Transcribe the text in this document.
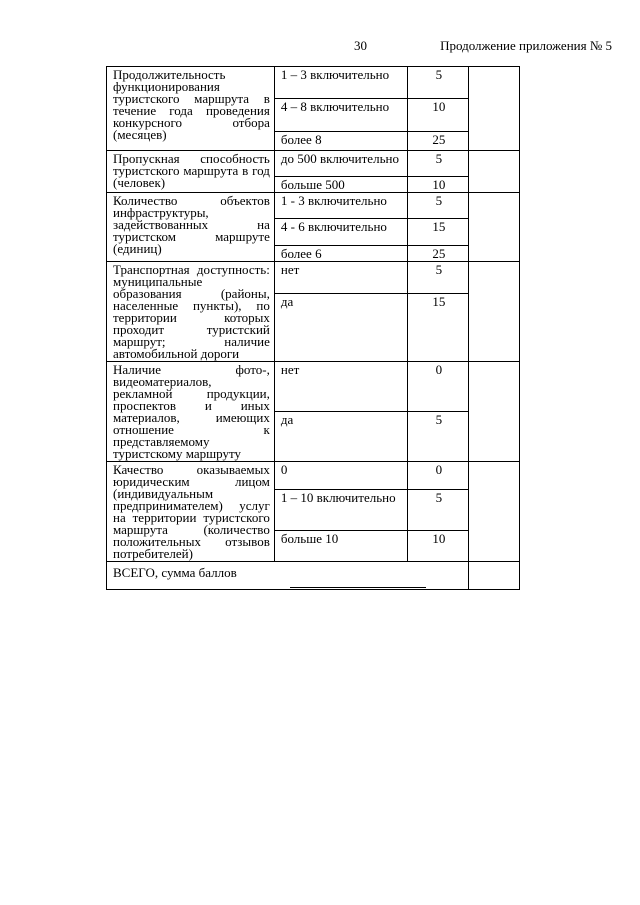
30	Продолжение приложения № 5
Продолжительность функционирования туристского маршрута в течение года проведения конкурсного отбора (месяцев)	1 – 3 включительно	5	

	4 – 8 включительно	10	

	более 8	25	
Пропускная способность туристского маршрута в год (человек)	до 500 включительно	5	

	больше 500	10	
Количество объектов инфраструктуры, задействованных на туристском маршруте (единиц)	1 - 3 включительно	5	

	4 - 6 включительно	15	

	более 6	25	
Транспортная доступность: муниципальные образования (районы, населенные пункты), по территории которых проходит туристский маршрут; наличие автомобильной дороги	нет	5	

	да	15	
Наличие фото-, видеоматериалов, рекламной продукции, проспектов и иных материалов, имеющих отношение к представляемому туристскому маршруту	нет	0	

	да	5	
Качество оказываемых юридическим лицом (индивидуальным предпринимателем) услуг на территории туристского маршрута (количество положительных отзывов потребителей)	0	0	

	1 – 10 включительно	5	

	больше 10	10	
ВСЕГО, сумма баллов			
